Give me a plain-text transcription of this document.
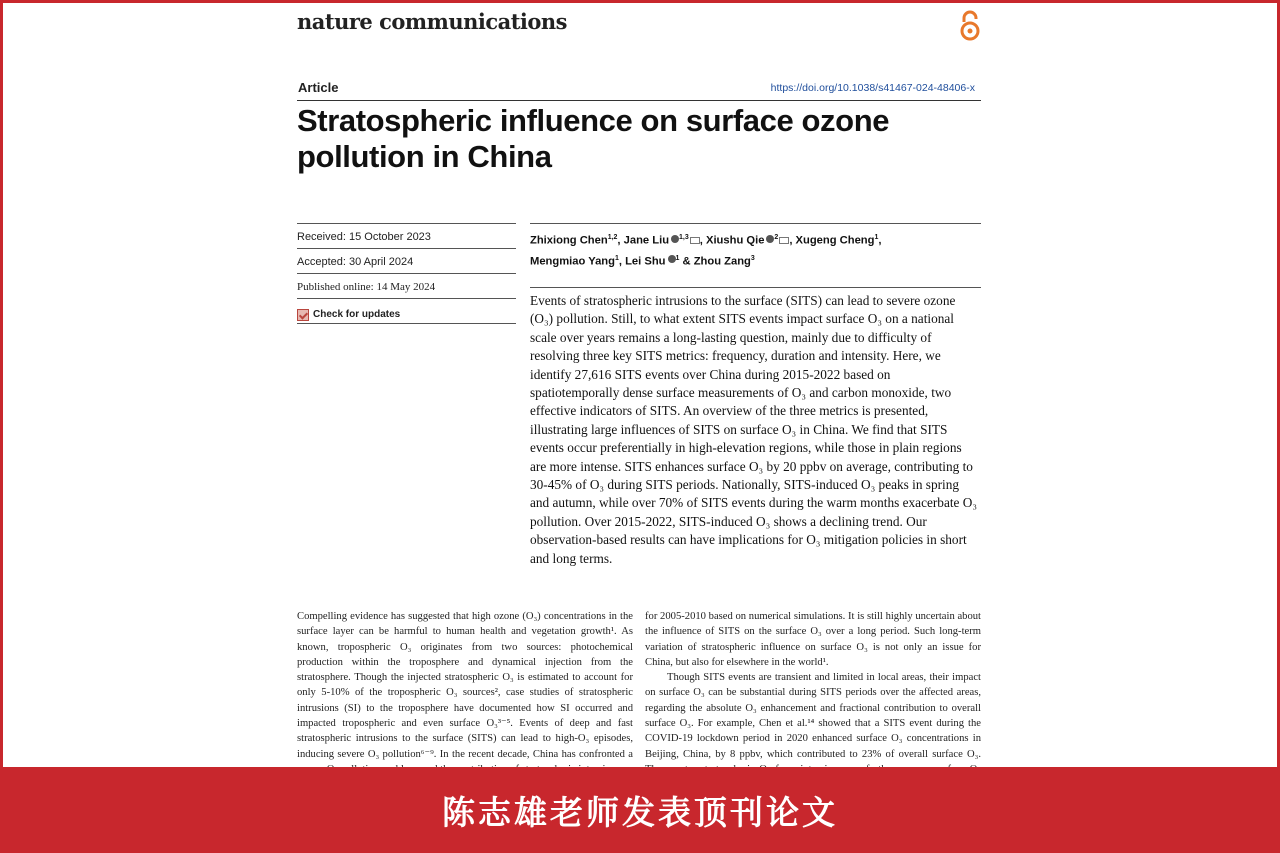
nature communications
Article	https://doi.org/10.1038/s41467-024-48406-x
Stratospheric influence on surface ozone pollution in China
Received: 15 October 2023
Accepted: 30 April 2024
Published online: 14 May 2024
Check for updates
Zhixiong Chen$^{1,2}$, Jane Liu $^{1,3}$ , Xiushu Qie $^2$ , Xugeng Cheng$^1$,
Mengmiao Yang$^1$, Lei Shu $^1$ & Zhou Zang$^3$

Events of stratospheric intrusions to the surface (SITS) can lead to severe ozone (O₃) pollution. Still, to what extent SITS events impact surface O₃ on a national scale over years remains a long-lasting question, mainly due to difficulty of resolving three key SITS metrics: frequency, duration and intensity. Here, we identify 27,616 SITS events over China during 2015-2022 based on spatiotemporally dense surface measurements of O₃ and carbon monoxide, two effective indicators of SITS. An overview of the three metrics is presented, illustrating large influences of SITS on surface O₃ in China. We find that SITS events occur preferentially in high-elevation regions, while those in plain regions are more intense. SITS enhances surface O₃ by 20 ppbv on average, contributing to 30-45% of O₃ during SITS periods. Nationally, SITS-induced O₃ peaks in spring and autumn, while over 70% of SITS events during the warm months exacerbate O₃ pollution. Over 2015-2022, SITS-induced O₃ shows a declining trend. Our observation-based results can have implications for O₃ mitigation policies in short and long terms.

Compelling evidence has suggested that high ozone (O₃) concentrations in the surface layer can be harmful to human health and vegetation growth¹. As known, tropospheric O₃ originates from two sources: photochemical production within the troposphere and dynamical injection from the stratosphere. Though the injected stratospheric O₃ is estimated to account for only 5-10% of the tropospheric O₃ sources², case studies of stratospheric intrusions (SI) to the troposphere have documented how SI occurred and impacted tropospheric and even surface O₃³⁻⁵. Events of deep and fast stratospheric intrusions to the surface (SITS) can lead to high-O₃ episodes, inducing severe O₃ pollution⁶⁻⁹. In the recent decade, China has confronted a

for 2005-2010 based on numerical simulations. It is still highly uncertain about the influence of SITS on the surface O₃ over a long period. Such long-term variation of stratospheric influence on surface O₃ is not only an issue for China, but also for elsewhere in the world¹.

Though SITS events are transient and limited in local areas, their impact on surface O₃ can be substantial during SITS periods over the affected areas, regarding the absolute O₃ enhancement and fractional contribution to overall surface O₃. For example, Chen et al.¹⁴ showed that a SITS event during the COVID-19 lockdown period in 2020 enhanced surface O₃ concentrations in Beijing, China, by 8 ppbv, which contributed to 23% of overall surface O₃.

陈志雄老师发表顶刊论文
